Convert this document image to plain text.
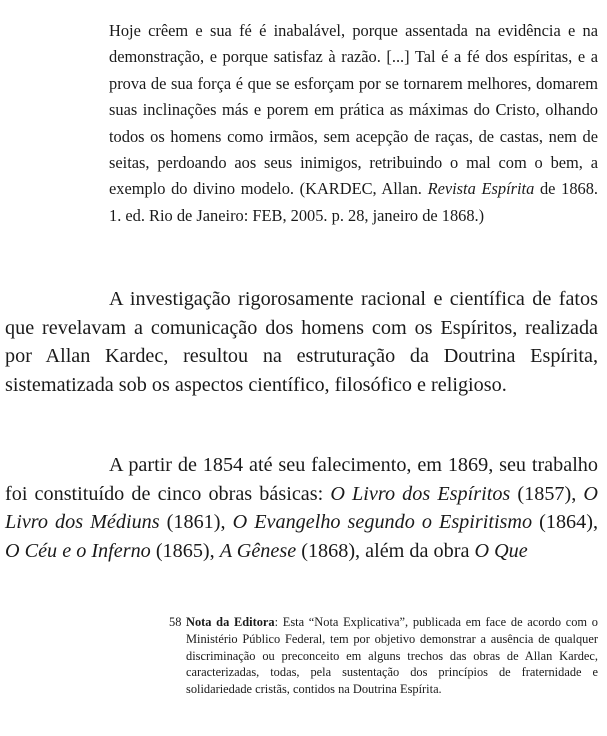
Hoje crêem e sua fé é inabalável, porque assentada na evidência e na demonstração, e porque satisfaz à razão. [...] Tal é a fé dos espíritas, e a prova de sua força é que se esforçam por se tornarem melhores, domarem suas inclinações más e porem em prática as máximas do Cristo, olhando todos os homens como irmãos, sem acepção de raças, de castas, nem de seitas, perdoando aos seus inimigos, retribuindo o mal com o bem, a exemplo do divino modelo. (KARDEC, Allan. Revista Espírita de 1868. 1. ed. Rio de Janeiro: FEB, 2005. p. 28, janeiro de 1868.)
A investigação rigorosamente racional e científica de fatos que revelavam a comunicação dos homens com os Espíritos, realizada por Allan Kardec, resultou na estruturação da Doutrina Espírita, sistematizada sob os aspectos científico, filosófico e religioso.
A partir de 1854 até seu falecimento, em 1869, seu trabalho foi constituído de cinco obras básicas: O Livro dos Espíritos (1857), O Livro dos Médiuns (1861), O Evangelho segundo o Espiritismo (1864), O Céu e o Inferno (1865), A Gênese (1868), além da obra O Que
58 Nota da Editora: Esta “Nota Explicativa”, publicada em face de acordo com o Ministério Público Federal, tem por objetivo demonstrar a ausência de qualquer discriminação ou preconceito em alguns trechos das obras de Allan Kardec, caracterizadas, todas, pela sustentação dos princípios de fraternidade e solidariedade cristãs, contidos na Doutrina Espírita.
